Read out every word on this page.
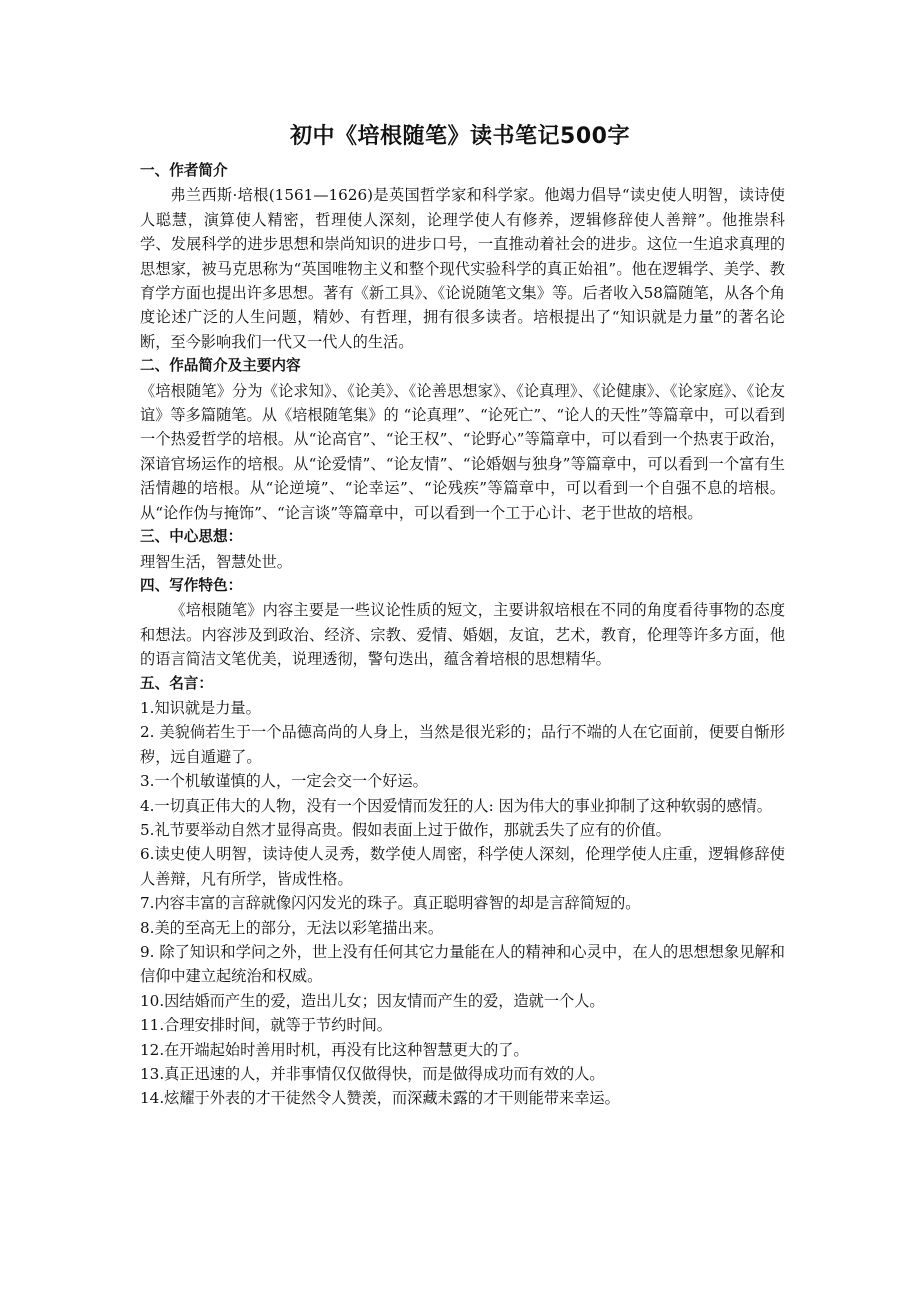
初中《培根随笔》读书笔记500字

一、作者简介

弗兰西斯·培根(1561—1626)是英国哲学家和科学家。他竭力倡导“读史使人明智，读诗使人聪慧，演算使人精密，哲理使人深刻，论理学使人有修养，逻辑修辞使人善辩”。他推崇科学、发展科学的进步思想和崇尚知识的进步口号，一直推动着社会的进步。这位一生追求真理的思想家，被马克思称为“英国唯物主义和整个现代实验科学的真正始祖”。他在逻辑学、美学、教育学方面也提出许多思想。著有《新工具》、《论说随笔文集》等。后者收入58篇随笔，从各个角度论述广泛的人生问题，精妙、有哲理，拥有很多读者。培根提出了“知识就是力量”的著名论断，至今影响我们一代又一代人的生活。

二、作品简介及主要内容

《培根随笔》分为《论求知》、《论美》、《论善思想家》、《论真理》、《论健康》、《论家庭》、《论友谊》等多篇随笔。从《培根随笔集》的 “论真理”、“论死亡”、“论人的天性”等篇章中，可以看到一个热爱哲学的培根。从“论高官”、“论王权”、“论野心”等篇章中，可以看到一个热衷于政治，深谙官场运作的培根。从“论爱情”、“论友情”、“论婚姻与独身”等篇章中，可以看到一个富有生活情趣的培根。从“论逆境”、“论幸运”、“论残疾”等篇章中，可以看到一个自强不息的培根。从“论作伪与掩饰”、“论言谈”等篇章中，可以看到一个工于心计、老于世故的培根。

三、中心思想：

理智生活，智慧处世。

四、写作特色：

《培根随笔》内容主要是一些议论性质的短文，主要讲叙培根在不同的角度看待事物的态度和想法。内容涉及到政治、经济、宗教、爱情、婚姻，友谊，艺术，教育，伦理等许多方面，他的语言简洁文笔优美，说理透彻，警句迭出，蕴含着培根的思想精华。

五、名言：

1.知识就是力量。

2. 美貌倘若生于一个品德高尚的人身上，当然是很光彩的；品行不端的人在它面前，便要自惭形秽，远自遁避了。

3.一个机敏谨慎的人，一定会交一个好运。

4.一切真正伟大的人物，没有一个因爱情而发狂的人: 因为伟大的事业抑制了这种软弱的感情。

5.礼节要举动自然才显得高贵。假如表面上过于做作，那就丢失了应有的价值。

6.读史使人明智，读诗使人灵秀，数学使人周密，科学使人深刻，伦理学使人庄重，逻辑修辞使人善辩，凡有所学，皆成性格。

7.内容丰富的言辞就像闪闪发光的珠子。真正聪明睿智的却是言辞简短的。

8.美的至高无上的部分，无法以彩笔描出来。

9. 除了知识和学问之外，世上没有任何其它力量能在人的精神和心灵中，在人的思想想象见解和信仰中建立起统治和权威。

10.因结婚而产生的爱，造出儿女；因友情而产生的爱，造就一个人。

11.合理安排时间，就等于节约时间。

12.在开端起始时善用时机，再没有比这种智慧更大的了。

13.真正迅速的人，并非事情仅仅做得快，而是做得成功而有效的人。

14.炫耀于外表的才干徒然令人赞羡，而深藏未露的才干则能带来幸运。
